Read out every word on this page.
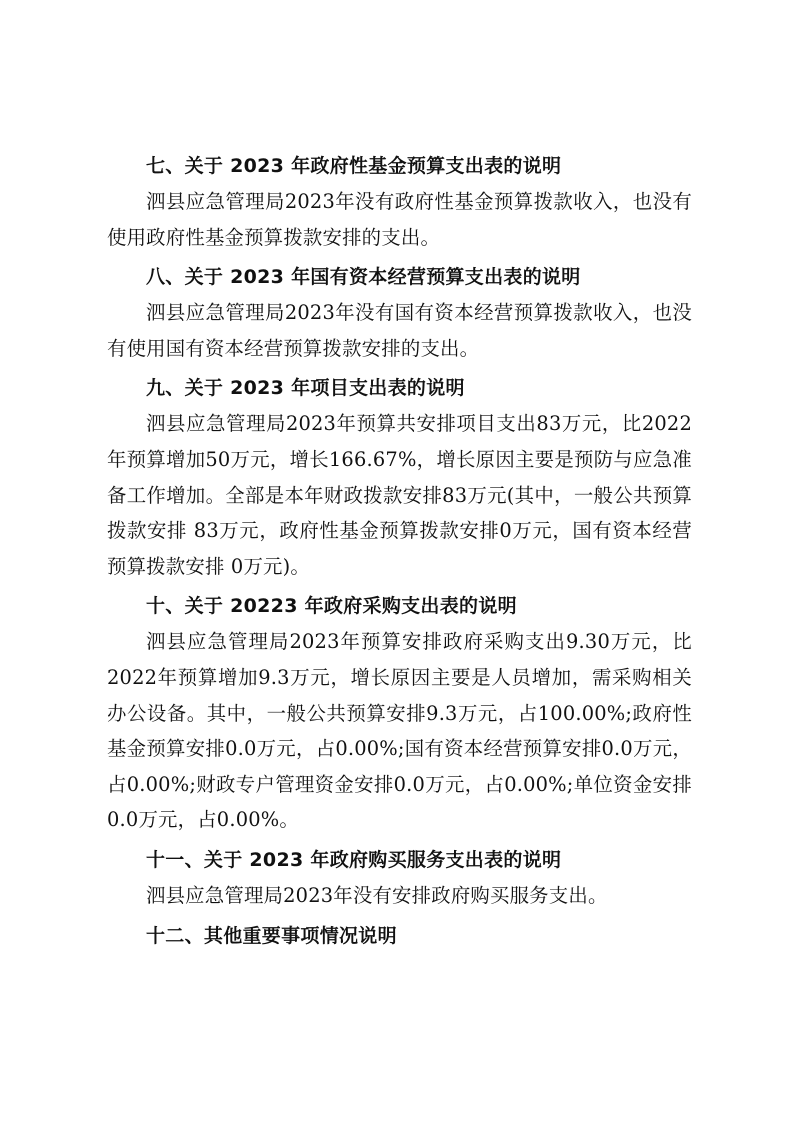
七、关于 2023 年政府性基金预算支出表的说明

泗县应急管理局2023年没有政府性基金预算拨款收入，也没有使用政府性基金预算拨款安排的支出。

八、关于 2023 年国有资本经营预算支出表的说明

泗县应急管理局2023年没有国有资本经营预算拨款收入，也没有使用国有资本经营预算拨款安排的支出。

九、关于 2023 年项目支出表的说明

泗县应急管理局2023年预算共安排项目支出83万元，比2022年预算增加50万元，增长166.67%，增长原因主要是预防与应急准备工作增加。全部是本年财政拨款安排83万元(其中，一般公共预算拨款安排 83万元，政府性基金预算拨款安排0万元，国有资本经营预算拨款安排 0万元)。

十、关于 20223 年政府采购支出表的说明

泗县应急管理局2023年预算安排政府采购支出9.30万元，比2022年预算增加9.3万元，增长原因主要是人员增加，需采购相关办公设备。其中，一般公共预算安排9.3万元，占100.00%;政府性基金预算安排0.0万元，占0.00%;国有资本经营预算安排0.0万元，占0.00%;财政专户管理资金安排0.0万元，占0.00%;单位资金安排0.0万元，占0.00%。

十一、关于 2023 年政府购买服务支出表的说明

泗县应急管理局2023年没有安排政府购买服务支出。

十二、其他重要事项情况说明
